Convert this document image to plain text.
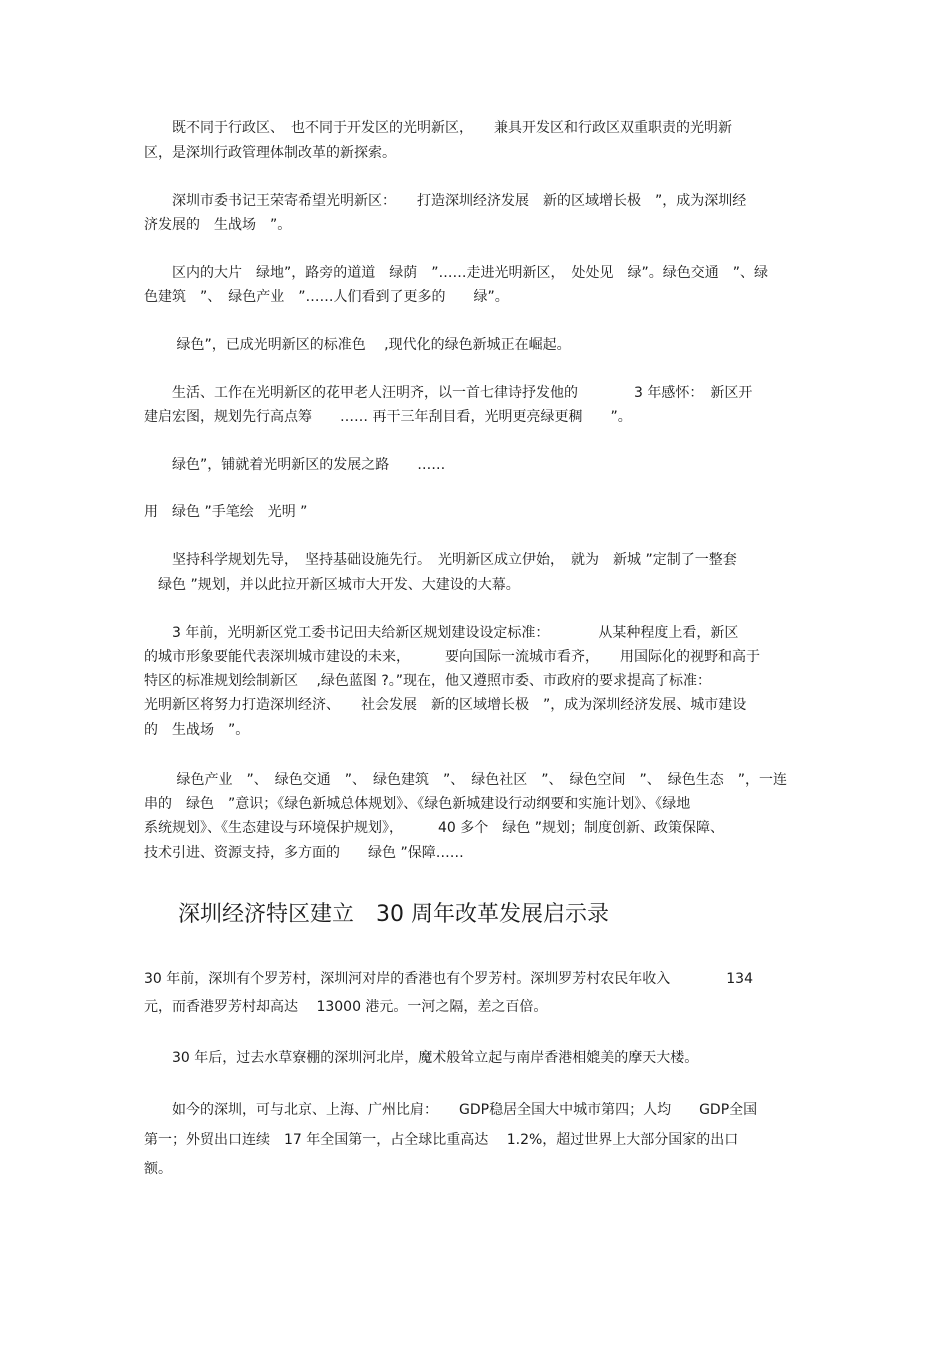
　　既不同于行政区、　也不同于开发区的光明新区，　　兼具开发区和行政区双重职责的光明新
区，是深圳行政管理体制改革的新探索。
　　深圳市委书记王荣寄希望光明新区：　　打造深圳经济发展　新的区域增长极　”，成为深圳经
济发展的　生战场　”。
　　区内的大片　绿地”，路旁的道道　绿荫　”……走进光明新区，　处处见　绿”。绿色交通　”、绿
色建筑　”、　绿色产业　”……人们看到了更多的　　绿”。
　　 绿色”，已成光明新区的标准色　 ,现代化的绿色新城正在崛起。
　　生活、工作在光明新区的花甲老人汪明齐，以一首七律诗抒发他的　　　　3 年感怀：　新区开
建启宏图，规划先行高点筹　　…… 再干三年刮目看，光明更亮绿更稠　　”。
　　绿色”，铺就着光明新区的发展之路　　……
用　绿色 ”手笔绘　光明 ”
　　坚持科学规划先导，　坚持基础设施先行。　光明新区成立伊始，　就为　新城 ”定制了一整套
　绿色 ”规划，并以此拉开新区城市大开发、大建设的大幕。
　　3 年前，光明新区党工委书记田夫给新区规划建设设定标准：　　　　从某种程度上看，新区
的城市形象要能代表深圳城市建设的未来，　　　要向国际一流城市看齐，　　用国际化的视野和高于
特区的标准规划绘制新区　 ,绿色蓝图 ?。”现在，他又遵照市委、市政府的要求提高了标准：
光明新区将努力打造深圳经济、　　社会发展　新的区域增长极　”，成为深圳经济发展、城市建设
的　生战场　”。
　　 绿色产业　”、　绿色交通　”、　绿色建筑　”、　绿色社区　”、　绿色空间　”、　绿色生态　”，一连
串的　绿色　”意识；《绿色新城总体规划》、《绿色新城建设行动纲要和实施计划》、《绿地
系统规划》、《生态建设与环境保护规划》，　　　40 多个　绿色 ”规划；制度创新、政策保障、
技术引进、资源支持，多方面的　　绿色 ”保障……
深圳经济特区建立　30 周年改革发展启示录
30 年前，深圳有个罗芳村，深圳河对岸的香港也有个罗芳村。深圳罗芳村农民年收入　　　　134
元，而香港罗芳村却高达　 13000 港元。一河之隔，差之百倍。
　　30 年后，过去水草寮棚的深圳河北岸，魔术般耸立起与南岸香港相媲美的摩天大楼。
　　如今的深圳，可与北京、上海、广州比肩：　　GDP稳居全国大中城市第四；人均　　GDP全国
第一；外贸出口连续　17 年全国第一，占全球比重高达　 1.2%，超过世界上大部分国家的出口
额。
